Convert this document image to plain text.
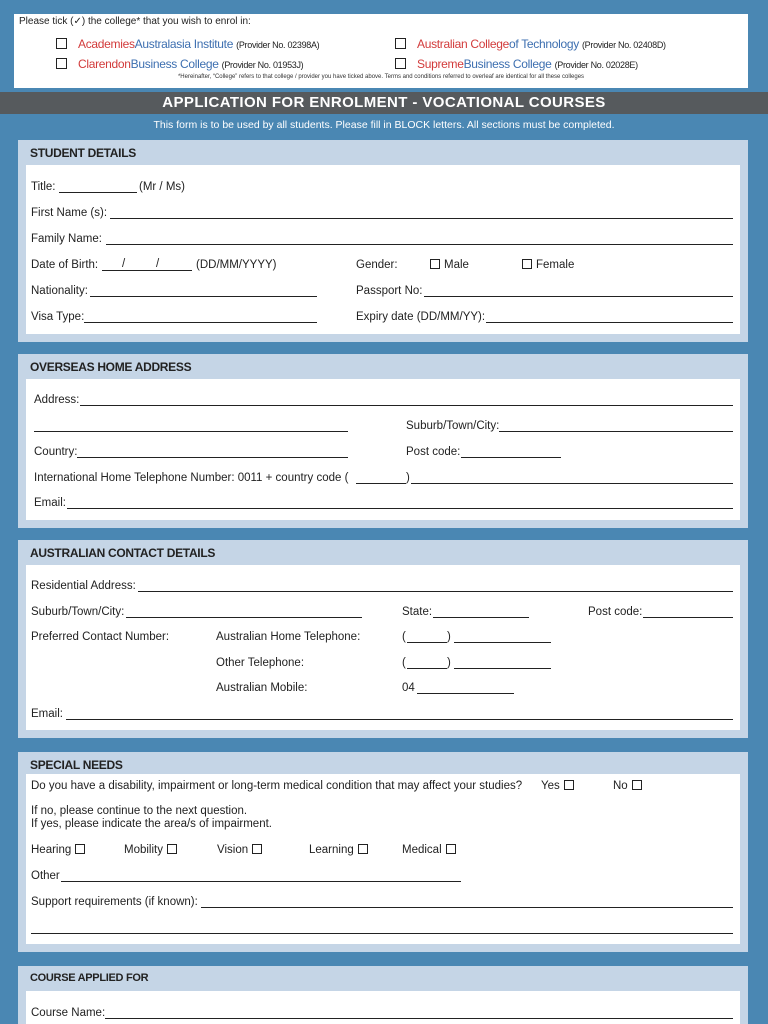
Please tick (✓) the college* that you wish to enrol in:
AcademiesAustralasia Institute (Provider No. 02398A)	Australian Collegeof Technology (Provider No. 02408D)
ClarendonBusiness College (Provider No. 01953J)	SupremeBusiness College (Provider No. 02028E)
*Hereinafter, “College” refers to that college / provider you have ticked above. Terms and conditions referred to overleaf are identical for all these colleges
APPLICATION FOR ENROLMENT - VOCATIONAL COURSES
This form is to be used by all students. Please fill in BLOCK letters. All sections must be completed.
STUDENT DETAILS
Title:	(Mr / Ms)
First Name (s):
Family Name:
Date of Birth: /	/	(DD/MM/YYYY)	Gender:	Male	Female
Nationality:	Passport No:
Visa Type:	Expiry date (DD/MM/YY):
OVERSEAS HOME ADDRESS
Address:
Suburb/Town/City:
Country:	Post code:
International Home Telephone Number: 0011 + country code (	)
Email:
AUSTRALIAN CONTACT DETAILS
Residential Address:
Suburb/Town/City:	State:	Post code:
Preferred Contact Number:	Australian Home Telephone:	(	)
Other Telephone:	(	)
Australian Mobile:	04
Email:
SPECIAL NEEDS
Do you have a disability, impairment or long-term medical condition that may affect your studies? Yes	No
If no, please continue to the next question.
If yes, please indicate the area/s of impairment.
Hearing	Mobility	Vision	Learning	Medical
Other
Support requirements (if known):
COURSE APPLIED FOR
Course Name:
